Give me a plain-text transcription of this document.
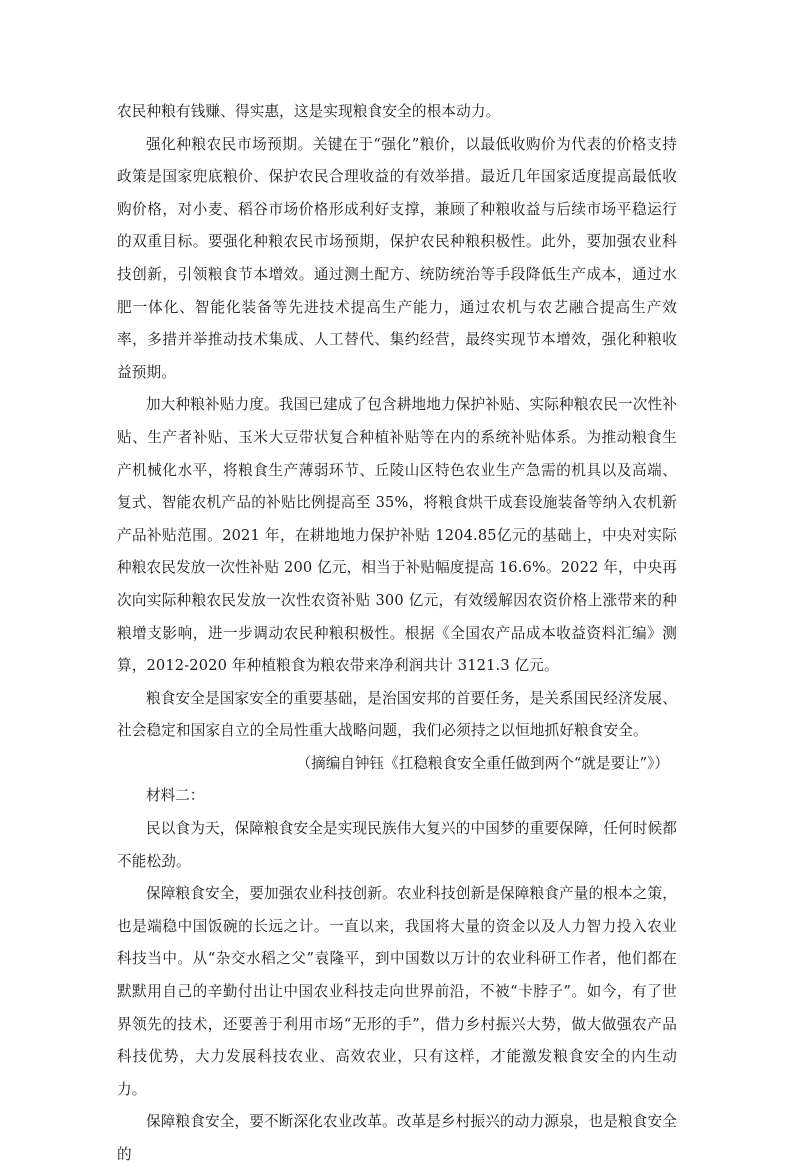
农民种粮有钱赚、得实惠，这是实现粮食安全的根本动力。

强化种粮农民市场预期。关键在于“强化”粮价，以最低收购价为代表的价格支持政策是国家兜底粮价、保护农民合理收益的有效举措。最近几年国家适度提高最低收购价格，对小麦、稻谷市场价格形成利好支撑，兼顾了种粮收益与后续市场平稳运行的双重目标。要强化种粮农民市场预期，保护农民种粮积极性。此外，要加强农业科技创新，引领粮食节本增效。通过测土配方、统防统治等手段降低生产成本，通过水肥一体化、智能化装备等先进技术提高生产能力，通过农机与农艺融合提高生产效率，多措并举推动技术集成、人工替代、集约经营，最终实现节本增效，强化种粮收益预期。

加大种粮补贴力度。我国已建成了包含耕地地力保护补贴、实际种粮农民一次性补贴、生产者补贴、玉米大豆带状复合种植补贴等在内的系统补贴体系。为推动粮食生产机械化水平，将粮食生产薄弱环节、丘陵山区特色农业生产急需的机具以及高端、复式、智能农机产品的补贴比例提高至 35%，将粮食烘干成套设施装备等纳入农机新产品补贴范围。2021 年，在耕地地力保护补贴 1204.85亿元的基础上，中央对实际种粮农民发放一次性补贴 200 亿元，相当于补贴幅度提高 16.6%。2022 年，中央再次向实际种粮农民发放一次性农资补贴 300 亿元，有效缓解因农资价格上涨带来的种粮增支影响，进一步调动农民种粮积极性。根据《全国农产品成本收益资料汇编》测算，2012-2020 年种植粮食为粮农带来净利润共计 3121.3 亿元。

粮食安全是国家安全的重要基础，是治国安邦的首要任务，是关系国民经济发展、社会稳定和国家自立的全局性重大战略问题，我们必须持之以恒地抓好粮食安全。

（摘编自钟钰《扛稳粮食安全重任做到两个“就是要让”》）

材料二：

民以食为天，保障粮食安全是实现民族伟大复兴的中国梦的重要保障，任何时候都不能松劲。

保障粮食安全，要加强农业科技创新。农业科技创新是保障粮食产量的根本之策，也是端稳中国饭碗的长远之计。一直以来，我国将大量的资金以及人力智力投入农业科技当中。从“杂交水稻之父”袁隆平，到中国数以万计的农业科研工作者，他们都在默默用自己的辛勤付出让中国农业科技走向世界前沿，不被“卡脖子”。如今，有了世界领先的技术，还要善于利用市场“无形的手”，借力乡村振兴大势，做大做强农产品科技优势，大力发展科技农业、高效农业，只有这样，才能激发粮食安全的内生动力。

保障粮食安全，要不断深化农业改革。改革是乡村振兴的动力源泉，也是粮食安全的
